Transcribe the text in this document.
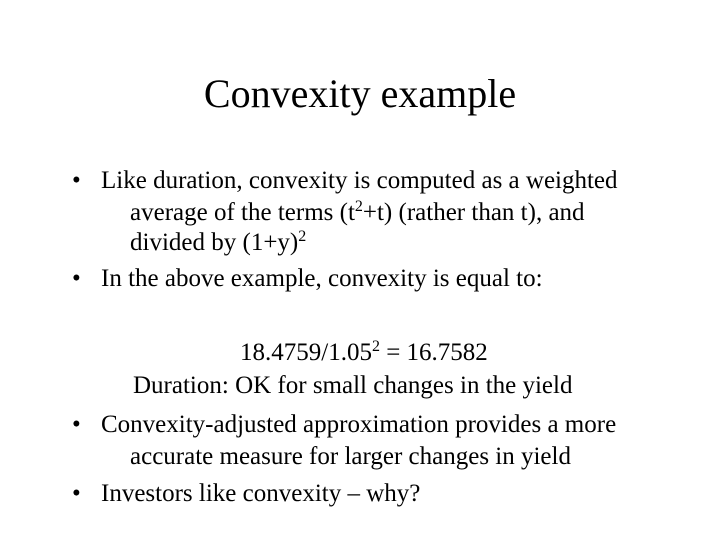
Convexity example
• Like duration, convexity is computed as a weighted
average of the terms $(t^2+t)$ (rather than t), and
divided by $(1+y)^2$
• In the above example, convexity is equal to:
$18.4759/1.05^2 = 16.7582$
Duration: OK for small changes in the yield
• Convexity-adjusted approximation provides a more
accurate measure for larger changes in yield
• Investors like convexity – why?
